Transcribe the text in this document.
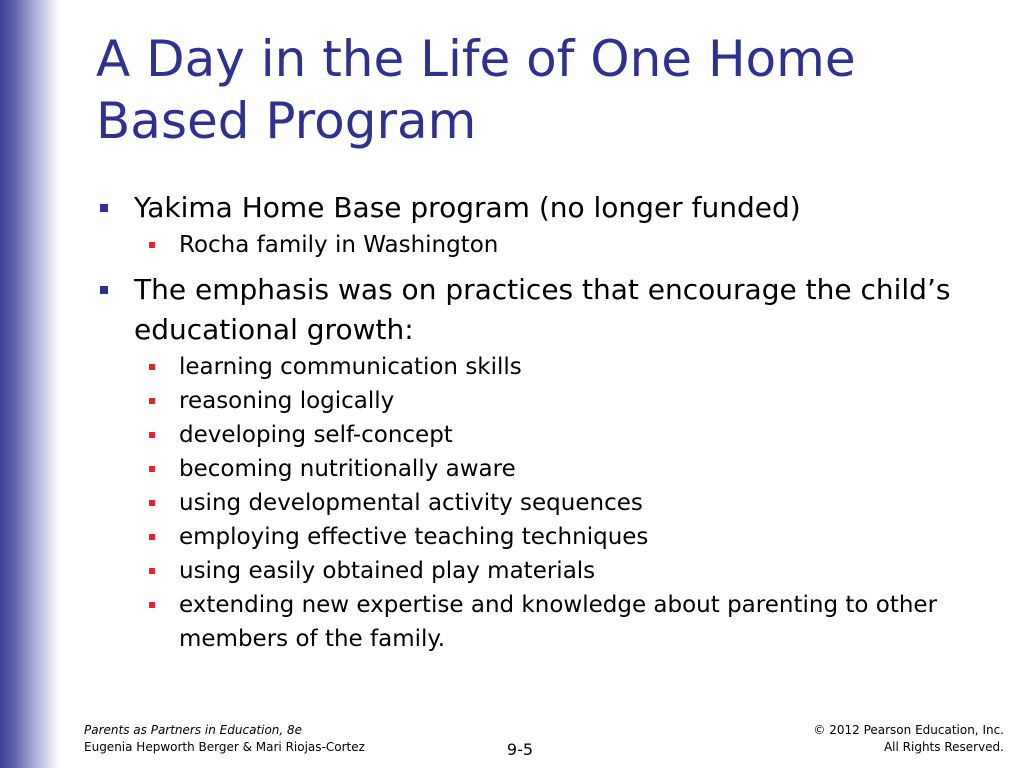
A Day in the Life of One Home
Based Program
Yakima Home Base program (no longer funded)
Rocha family in Washington
The emphasis was on practices that encourage the child’s educational growth:
learning communication skills
reasoning logically
developing self-concept
becoming nutritionally aware
using developmental activity sequences
employing effective teaching techniques
using easily obtained play materials
extending new expertise and knowledge about parenting to other members of the family.
Parents as Partners in Education, 8e
Eugenia Hepworth Berger & Mari Riojas-Cortez	9-5
© 2012 Pearson Education, Inc.
All Rights Reserved.
